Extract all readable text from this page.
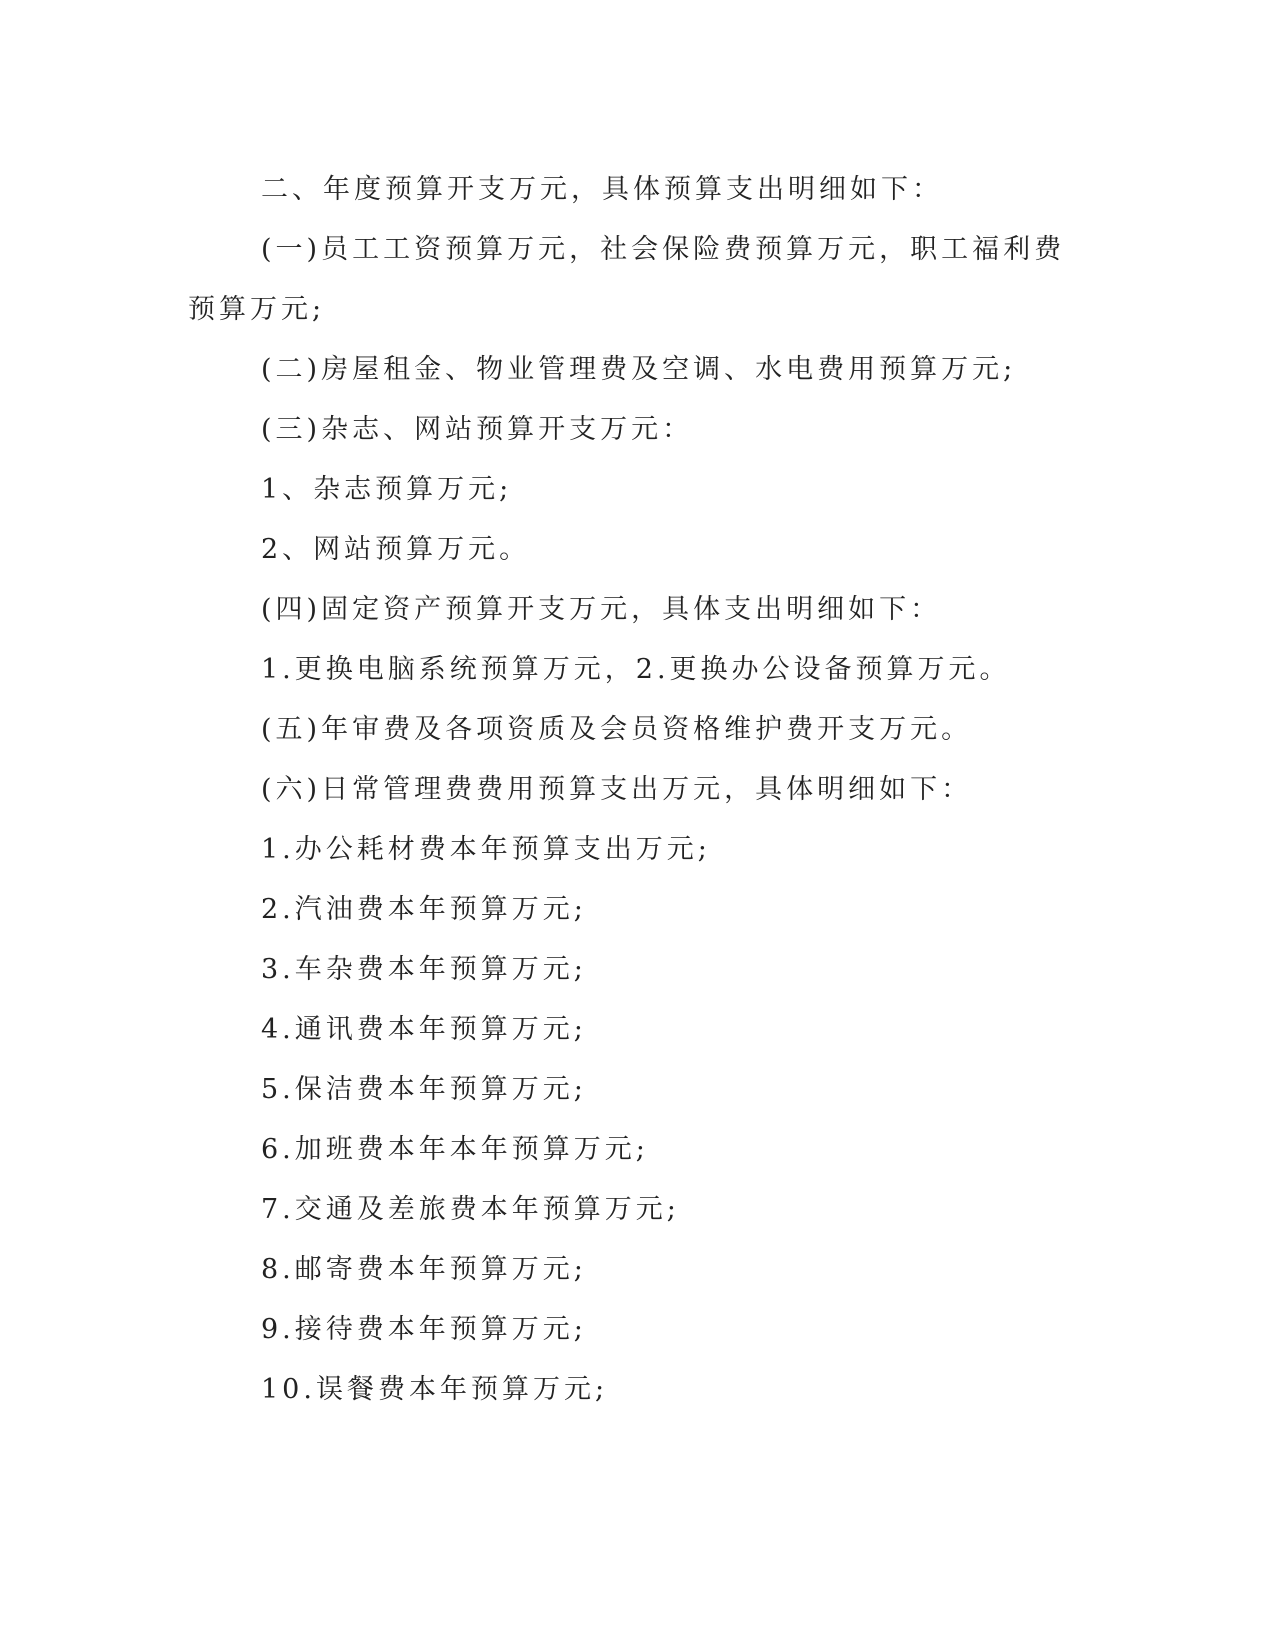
二、年度预算开支万元，具体预算支出明细如下：

(一)员工工资预算万元，社会保险费预算万元，职工福利费预算万元;

(二)房屋租金、物业管理费及空调、水电费用预算万元;

(三)杂志、网站预算开支万元：

1、杂志预算万元;

2、网站预算万元。

(四)固定资产预算开支万元，具体支出明细如下：

1.更换电脑系统预算万元，2.更换办公设备预算万元。

(五)年审费及各项资质及会员资格维护费开支万元。

(六)日常管理费费用预算支出万元，具体明细如下：

1.办公耗材费本年预算支出万元;

2.汽油费本年预算万元;

3.车杂费本年预算万元;

4.通讯费本年预算万元;

5.保洁费本年预算万元;

6.加班费本年本年预算万元;

7.交通及差旅费本年预算万元;

8.邮寄费本年预算万元;

9.接待费本年预算万元;

10.误餐费本年预算万元;
